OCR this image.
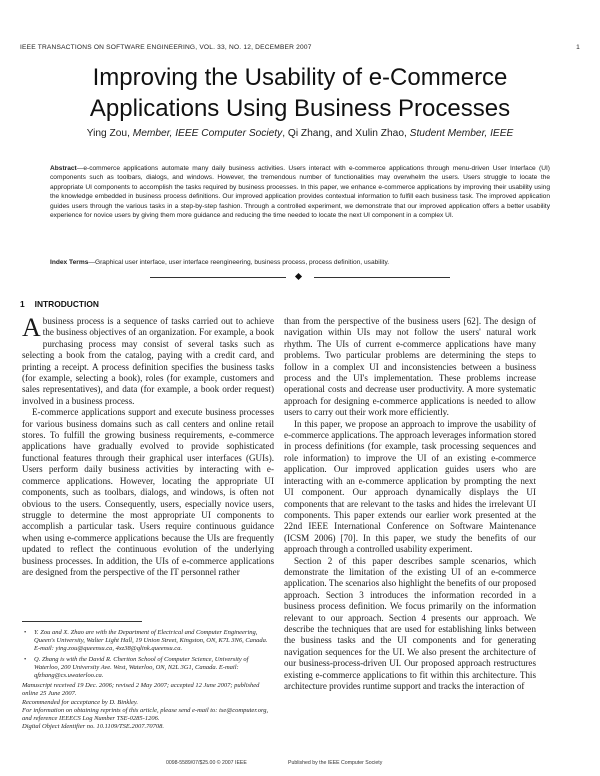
IEEE TRANSACTIONS ON SOFTWARE ENGINEERING, VOL. 33, NO. 12, DECEMBER 2007	1
Improving the Usability of e-Commerce
Applications Using Business Processes
Ying Zou, Member, IEEE Computer Society, Qi Zhang, and Xulin Zhao, Student Member, IEEE
Abstract—e-commerce applications automate many daily business activities. Users interact with e-commerce applications through menu-driven User Interface (UI) components such as toolbars, dialogs, and windows. However, the tremendous number of functionalities may overwhelm the users. Users struggle to locate the appropriate UI components to accomplish the tasks required by business processes. In this paper, we enhance e-commerce applications by improving their usability using the knowledge embedded in business process definitions. Our improved application provides contextual information to fulfill each business task. The improved application guides users through the various tasks in a step-by-step fashion. Through a controlled experiment, we demonstrate that our improved application offers a better usability experience for novice users by giving them more guidance and reducing the time needed to locate the next UI component in a complex UI.
Index Terms—Graphical user interface, user interface reengineering, business process, process definition, usability.
1 INTRODUCTION

Abusiness process is a sequence of tasks carried out to achieve the business objectives of an organization. For example, a book purchasing process may consist of several tasks such as selecting a book from the catalog, paying with a credit card, and printing a receipt. A process definition specifies the business tasks (for example, selecting a book), roles (for example, customers and sales representatives), and data (for example, a book order request) involved in a business process.

E-commerce applications support and execute business processes for various business domains such as call centers and online retail stores. To fulfill the growing business requirements, e-commerce applications have gradually evolved to provide sophisticated functional features through their graphical user interfaces (GUIs). Users perform daily business activities by interacting with e-commerce applications. However, locating the appropriate UI components, such as toolbars, dialogs, and windows, is often not obvious to the users. Consequently, users, especially novice users, struggle to determine the most appropriate UI components to accomplish a particular task. Users require continuous guidance when using e-commerce applications because the UIs are frequently updated to reflect the continuous evolution of the underlying business processes. In addition, the UIs of e-commerce applications are designed from the perspective of the IT personnel rather

than from the perspective of the business users [62]. The design of navigation within UIs may not follow the users' natural work rhythm. The UIs of current e-commerce applications have many problems. Two particular problems are determining the steps to follow in a complex UI and inconsistencies between a business process and the UI's implementation. These problems increase operational costs and decrease user productivity. A more systematic approach for designing e-commerce applications is needed to allow users to carry out their work more efficiently.

In this paper, we propose an approach to improve the usability of e-commerce applications. The approach leverages information stored in process definitions (for example, task processing sequences and role information) to improve the UI of an existing e-commerce application. Our improved application guides users who are interacting with an e-commerce application by prompting the next UI component. Our approach dynamically displays the UI components that are relevant to the tasks and hides the irrelevant UI components. This paper extends our earlier work presented at the 22nd IEEE International Conference on Software Maintenance (ICSM 2006) [70]. In this paper, we study the benefits of our approach through a controlled usability experiment.

Section 2 of this paper describes sample scenarios, which demonstrate the limitation of the existing UI of an e-commerce application. The scenarios also highlight the benefits of our proposed approach. Section 3 introduces the information recorded in a business process definition. We focus primarily on the information relevant to our approach. Section 4 presents our approach. We describe the techniques that are used for establishing links between the business tasks and the UI components and for generating navigation sequences for the UI. We also present the architecture of our business-process-driven UI. Our proposed approach restructures existing e-commerce applications to fit within this architecture. This architecture provides runtime support and tracks the interaction of

• Y. Zou and X. Zhao are with the Department of Electrical and Computer Engineering, Queen's University, Walter Light Hall, 19 Union Street, Kingston, ON, K7L 3N6, Canada. E-mail: ying.zou@queensu.ca, 4xz38@qlink.queensu.ca.

• Q. Zhang is with the David R. Cheriton School of Computer Science, University of Waterloo, 200 University Ave. West, Waterloo, ON, N2L 3G1, Canada. E-mail: qfzhang@cs.uwaterloo.ca.

Manuscript received 19 Dec. 2006; revised 2 May 2007; accepted 12 June 2007; published online 25 June 2007.

Recommended for acceptance by D. Binkley.

For information on obtaining reprints of this article, please send e-mail to: tse@computer.org, and reference IEEECS Log Number TSE-0285-1206.

Digital Object Identifier no. 10.1109/TSE.2007.70708.

0098-5589/07/$25.00 © 2007 IEEE	Published by the IEEE Computer Society
